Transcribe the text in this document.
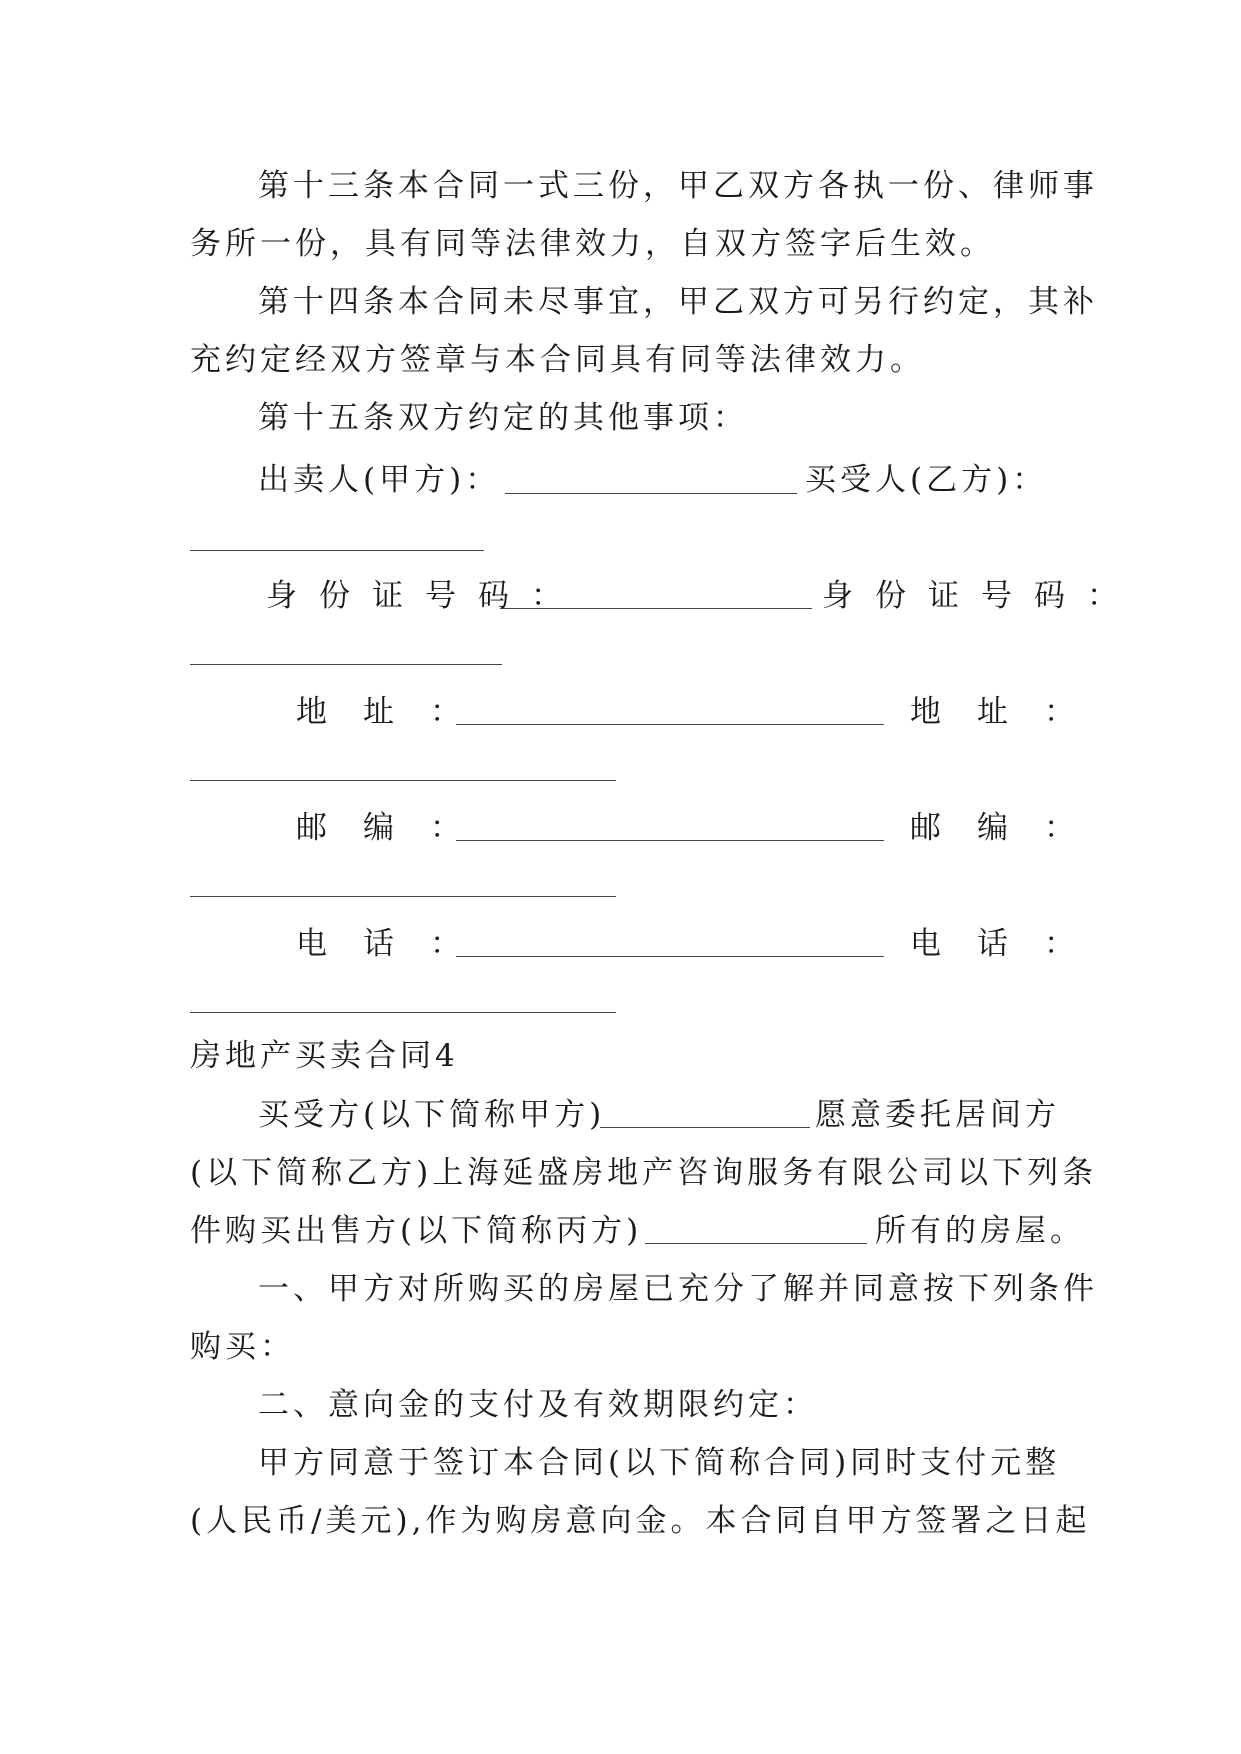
第十三条本合同一式三份，甲乙双方各执一份、律师事
务所一份，具有同等法律效力，自双方签字后生效。
第十四条本合同未尽事宜，甲乙双方可另行约定，其补
充约定经双方签章与本合同具有同等法律效力。
第十五条双方约定的其他事项：
出卖人(甲方)：	买受人(乙方)：
身份证号码：	身份证号码：
地址：	地址：
邮编：	邮编：
电话：	电话：
房地产买卖合同4
买受方(以下简称甲方)	愿意委托居间方
(以下简称乙方)上海延盛房地产咨询服务有限公司以下列条
件购买出售方(以下简称丙方)	所有的房屋。
一、甲方对所购买的房屋已充分了解并同意按下列条件
购买：
二、意向金的支付及有效期限约定：
甲方同意于签订本合同(以下简称合同)同时支付元整
(人民币/美元),作为购房意向金。本合同自甲方签署之日起
